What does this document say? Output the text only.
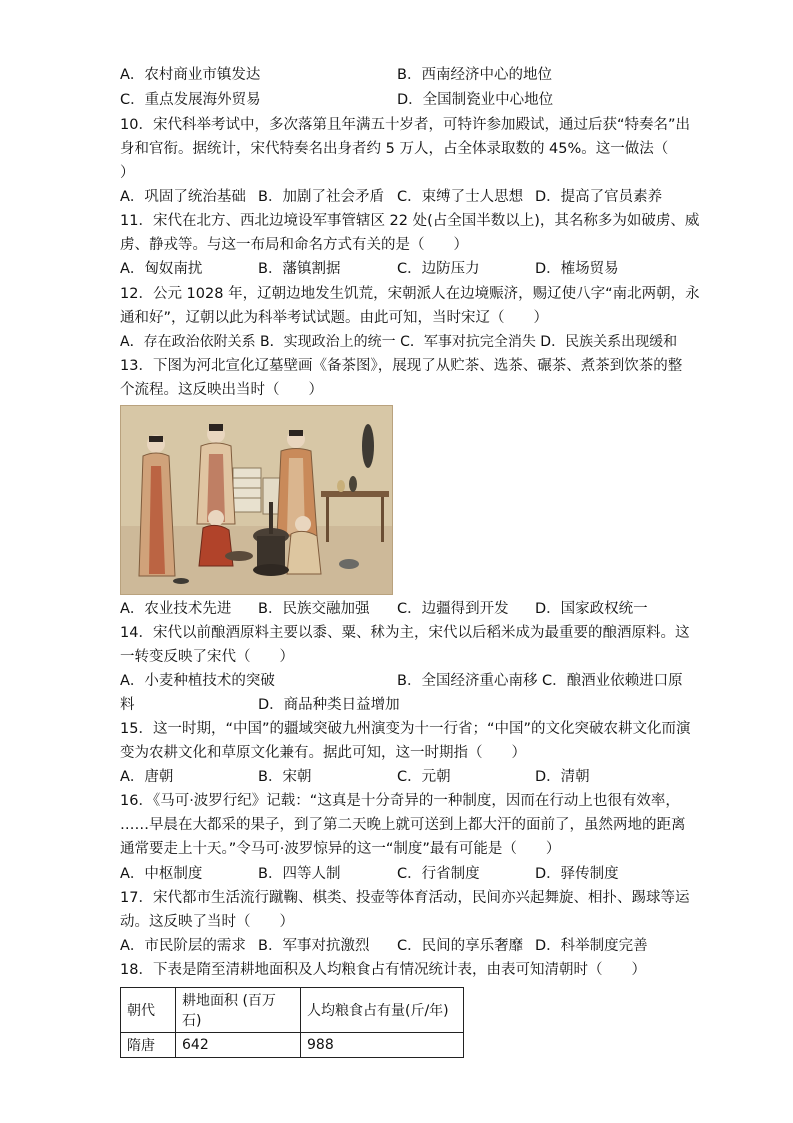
A．农村商业市镇发达	B．西南经济中心的地位
C．重点发展海外贸易	D．全国制瓷业中心地位
10．宋代科举考试中，多次落第且年满五十岁者，可特许参加殿试，通过后获“特奏名”出
身和官衔。据统计，宋代特奏名出身者约 5 万人，占全体录取数的 45%。这一做法（
）
A．巩固了统治基础 B．加剧了社会矛盾 C．束缚了士人思想 D．提高了官员素养
11．宋代在北方、西北边境设军事管辖区 22 处(占全国半数以上)，其名称多为如破虏、威
虏、静戎等。与这一布局和命名方式有关的是（　　）
A．匈奴南扰	B．藩镇割据	C．边防压力	D．榷场贸易
12．公元 1028 年，辽朝边地发生饥荒，宋朝派人在边境赈济，赐辽使八字“南北两朝，永
通和好”，辽朝以此为科举考试试题。由此可知，当时宋辽（　　）
A．存在政治依附关系 B．实现政治上的统一 C．军事对抗完全消失 D．民族关系出现缓和
13．下图为河北宣化辽墓壁画《备茶图》，展现了从贮茶、选茶、碾茶、煮茶到饮茶的整
个流程。这反映出当时（　　）
A．农业技术先进 B．民族交融加强 C．边疆得到开发 D．国家政权统一
14．宋代以前酿酒原料主要以黍、粟、秫为主，宋代以后稻米成为最重要的酿酒原料。这
一转变反映了宋代（　　）
A．小麦种植技术的突破	B．全国经济重心南移 C．酿酒业依赖进口原
料	D．商品种类日益增加
15．这一时期，“中国”的疆域突破九州演变为十一行省；“中国”的文化突破农耕文化而演
变为农耕文化和草原文化兼有。据此可知，这一时期指（　　）
A．唐朝	B．宋朝	C．元朝	D．清朝
16．《马可·波罗行纪》记载：“这真是十分奇异的一种制度，因而在行动上也很有效率，
……早晨在大都采的果子，到了第二天晚上就可送到上都大汗的面前了，虽然两地的距离
通常要走上十天。”令马可·波罗惊异的这一“制度”最有可能是（　　）
A．中枢制度	B．四等人制	C．行省制度	D．驿传制度
17．宋代都市生活流行蹴鞠、棋类、投壶等体育活动，民间亦兴起舞旋、相扑、踢球等运
动。这反映了当时（　　）
A．市民阶层的需求 B．军事对抗激烈 C．民间的享乐奢靡 D．科举制度完善
18．下表是隋至清耕地面积及人均粮食占有情况统计表，由表可知清朝时（　　）
朝代	耕地面积 (百万石)	人均粮食占有量(斤/年)
隋唐	642	988
